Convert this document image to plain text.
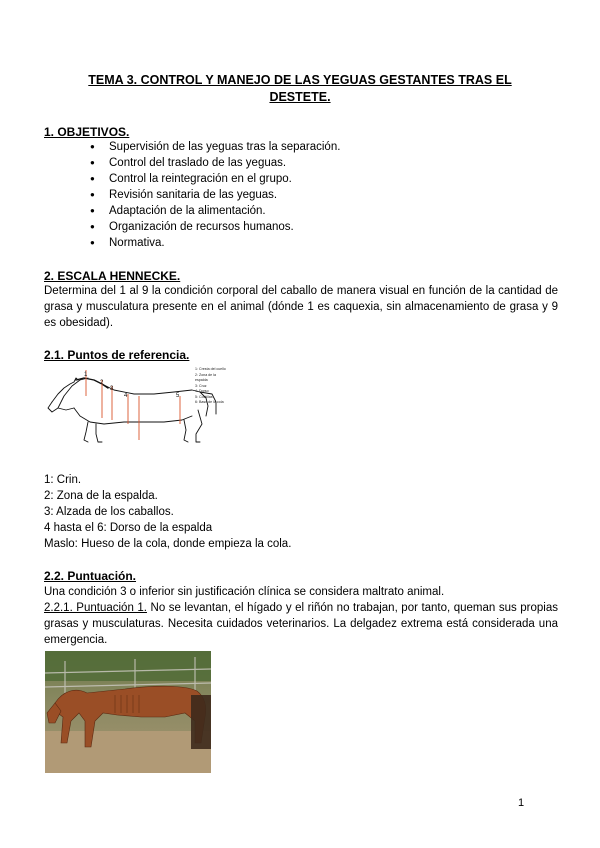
TEMA 3. CONTROL Y MANEJO DE LAS YEGUAS GESTANTES TRAS EL DESTETE.
1. OBJETIVOS.
● Supervisión de las yeguas tras la separación.
● Control del traslado de las yeguas.
● Control la reintegración en el grupo.
● Revisión sanitaria de las yeguas.
● Adaptación de la alimentación.
● Organización de recursos humanos.
● Normativa.
2. ESCALA HENNECKE.
Determina del 1 al 9 la condición corporal del caballo de manera visual en función de la cantidad de grasa y musculatura presente en el animal (dónde 1 es caquexia, sin almacenamiento de grasa y 9 es obesidad).
2.1. Puntos de referencia.
1
2
3
4	5
1: Cresta del cuello
2: Zona de la
espalda
3: Cruz
4: Dorso
5: Costillas
6: Base de la cola
1: Crin.
2: Zona de la espalda.
3: Alzada de los caballos.
4 hasta el 6: Dorso de la espalda
Maslo: Hueso de la cola, donde empieza la cola.
2.2. Puntuación.
Una condición 3 o inferior sin justificación clínica se considera maltrato animal.
2.2.1. Puntuación 1. No se levantan, el hígado y el riñón no trabajan, por tanto, queman sus propias grasas y musculaturas. Necesita cuidados veterinarios. La delgadez extrema está considerada una emergencia.
1
